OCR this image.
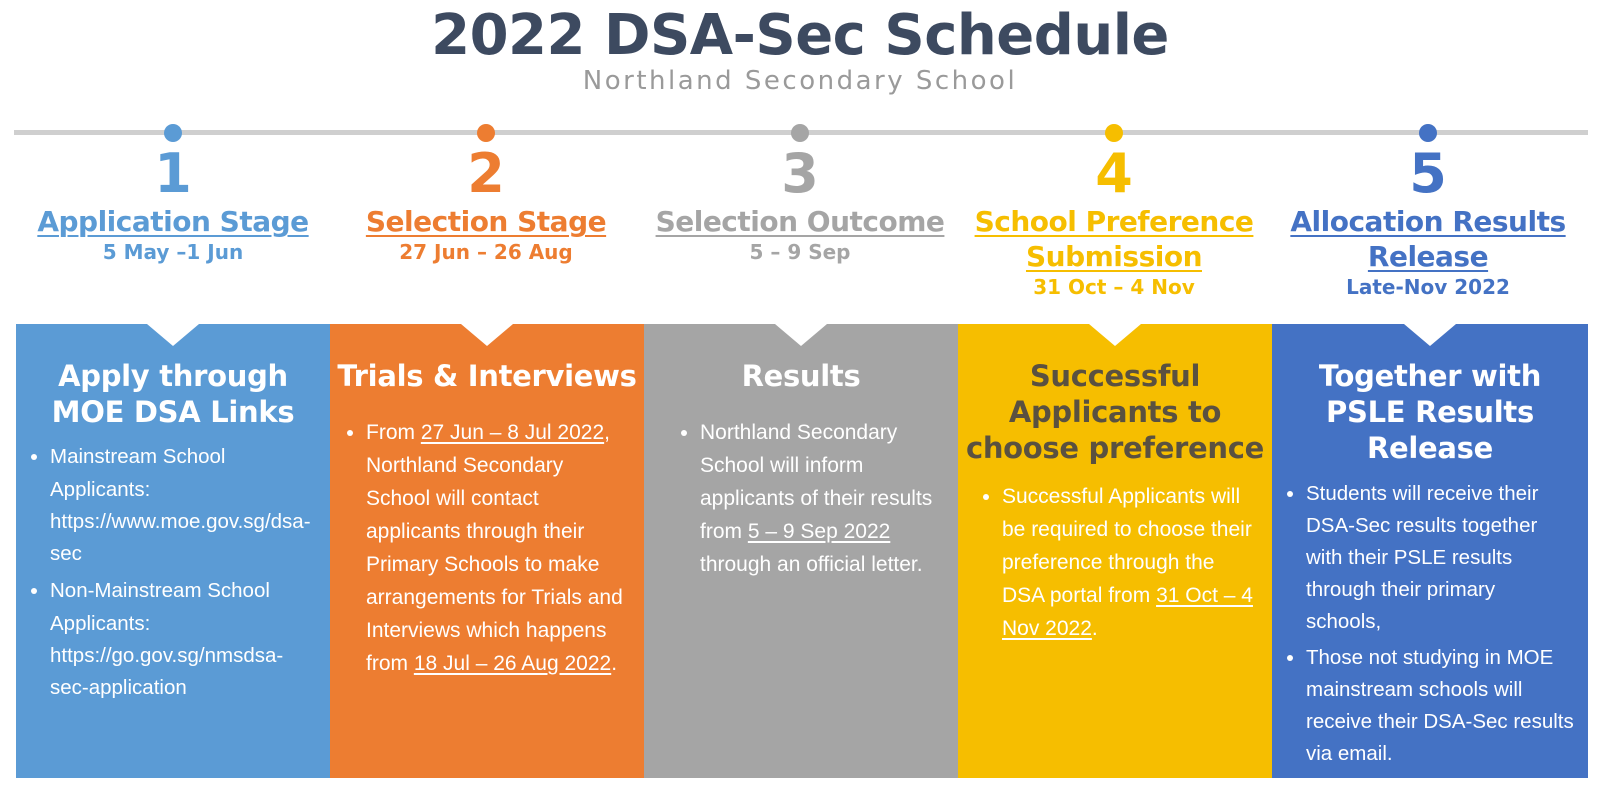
2022 DSA-Sec Schedule
Northland Secondary School
1
Application Stage
5 May –1 Jun
2
Selection Stage
27 Jun – 26 Aug
3
Selection Outcome
5 – 9 Sep
4
School Preference Submission
31 Oct – 4 Nov
5
Allocation Results Release
Late-Nov 2022
Apply through MOE DSA Links
• Mainstream School Applicants:
https://www.moe.gov.sg/dsa-sec
• Non-Mainstream School Applicants:
https://go.gov.sg/nmsdsa-sec-application
Trials & Interviews
• From 27 Jun – 8 Jul 2022, Northland Secondary School will contact applicants through their Primary Schools to make arrangements for Trials and Interviews which happens from 18 Jul – 26 Aug 2022.
Results
• Northland Secondary School will inform applicants of their results from 5 – 9 Sep 2022 through an official letter.
Successful Applicants to choose preference
• Successful Applicants will be required to choose their preference through the DSA portal from 31 Oct – 4 Nov 2022.
Together with PSLE Results Release
• Students will receive their DSA-Sec results together with their PSLE results through their primary schools,
• Those not studying in MOE mainstream schools will receive their DSA-Sec results via email.
